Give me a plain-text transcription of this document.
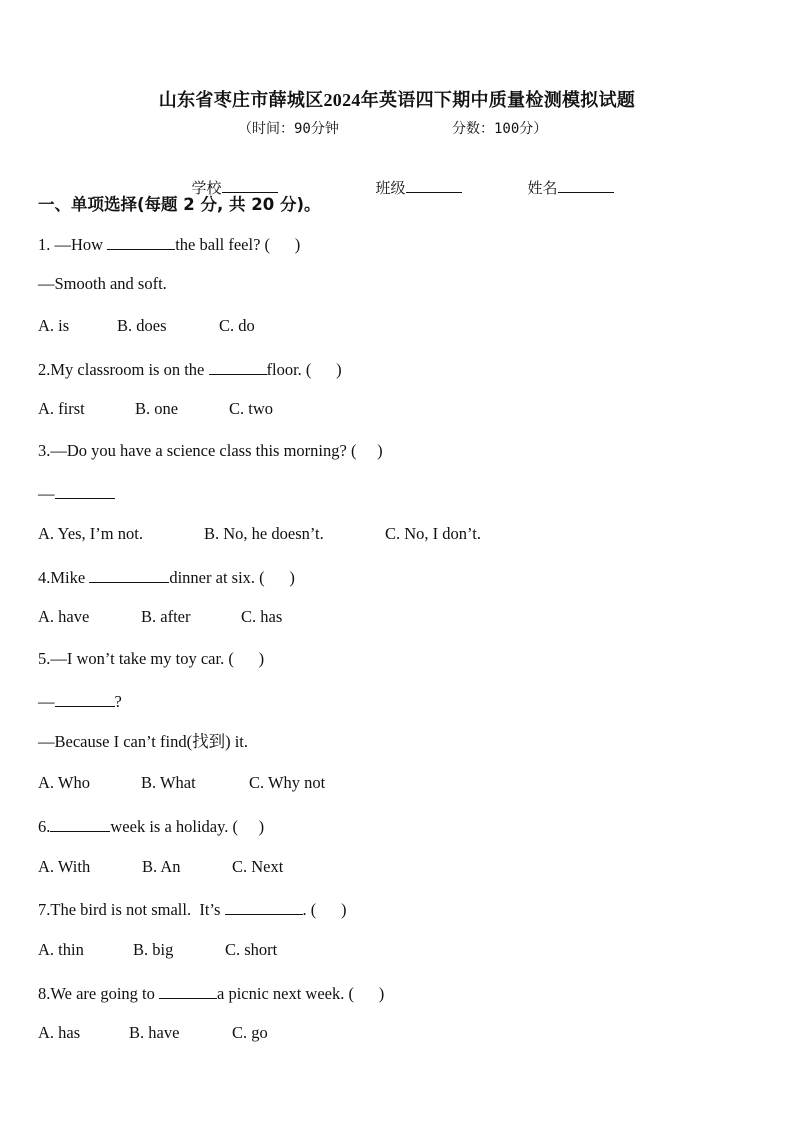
山东省枣庄市薛城区2024年英语四下期中质量检测模拟试题
（时间：90分钟	分数：100分）

学校	班级	姓名

一、单项选择(每题 2 分, 共 20 分)。
1. —How	the ball feel? (      )
—Smooth and soft.
A. is	B. does	C. do
2.My classroom is on the	floor. (      )
A. first	B. one	C. two
3.—Do you have a science class this morning? (     )
—
A. Yes, I’m not.	B. No, he doesn’t.	C. No, I don’t.
4.Mike	dinner at six. (      )
A. have	B. after	C. has
5.—I won’t take my toy car. (      )
—	?
—Because I can’t find(找到) it.
A. Who	B. What	C. Why not
6.	week is a holiday. (     )
A. With	B. An	C. Next
7.The bird is not small.  It’s	. (      )
A. thin	B. big	C. short
8.We are going to	a picnic next week. (      )
A. has	B. have	C. go
